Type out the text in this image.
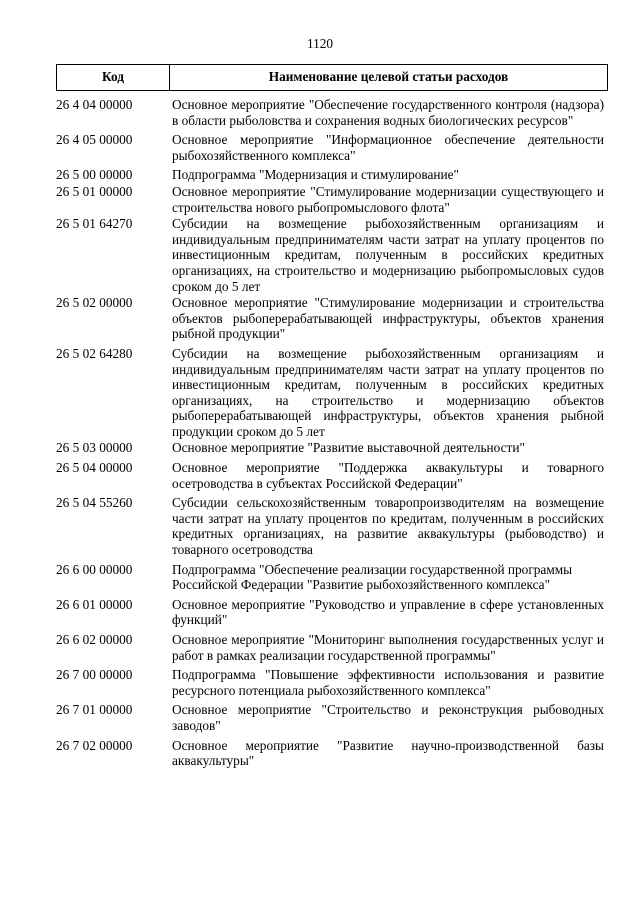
1120
Код	Наименование целевой статьи расходов
26 4 04 00000	Основное мероприятие "Обеспечение государственного контроля (надзора) в области рыболовства и сохранения водных биологических ресурсов"
26 4 05 00000	Основное мероприятие "Информационное обеспечение деятельности рыбохозяйственного комплекса"
26 5 00 00000	Подпрограмма "Модернизация и стимулирование"
26 5 01 00000	Основное мероприятие "Стимулирование модернизации существующего и строительства нового рыбопромыслового флота"
26 5 01 64270	Субсидии на возмещение рыбохозяйственным организациям и индивидуальным предпринимателям части затрат на уплату процентов по инвестиционным кредитам, полученным в российских кредитных организациях, на строительство и модернизацию рыбопромысловых судов сроком до 5 лет
26 5 02 00000	Основное мероприятие "Стимулирование модернизации и строительства объектов рыбоперерабатывающей инфраструктуры, объектов хранения рыбной продукции"
26 5 02 64280	Субсидии на возмещение рыбохозяйственным организациям и индивидуальным предпринимателям части затрат на уплату процентов по инвестиционным кредитам, полученным в российских кредитных организациях, на строительство и модернизацию объектов рыбоперерабатывающей инфраструктуры, объектов хранения рыбной продукции сроком до 5 лет
26 5 03 00000	Основное мероприятие "Развитие выставочной деятельности"
26 5 04 00000	Основное мероприятие "Поддержка аквакультуры и товарного осетроводства в субъектах Российской Федерации"
26 5 04 55260	Субсидии сельскохозяйственным товаропроизводителям на возмещение части затрат на уплату процентов по кредитам, полученным в российских кредитных организациях, на развитие аквакультуры (рыбоводство) и товарного осетроводства
26 6 00 00000	Подпрограмма "Обеспечение реализации государственной программы Российской Федерации "Развитие рыбохозяйственного комплекса"
26 6 01 00000	Основное мероприятие "Руководство и управление в сфере установленных функций"
26 6 02 00000	Основное мероприятие "Мониторинг выполнения государственных услуг и работ в рамках реализации государственной программы"
26 7 00 00000	Подпрограмма "Повышение эффективности использования и развитие ресурсного потенциала рыбохозяйственного комплекса"
26 7 01 00000	Основное мероприятие "Строительство и реконструкция рыбоводных заводов"
26 7 02 00000	Основное мероприятие "Развитие научно-производственной базы аквакультуры"
